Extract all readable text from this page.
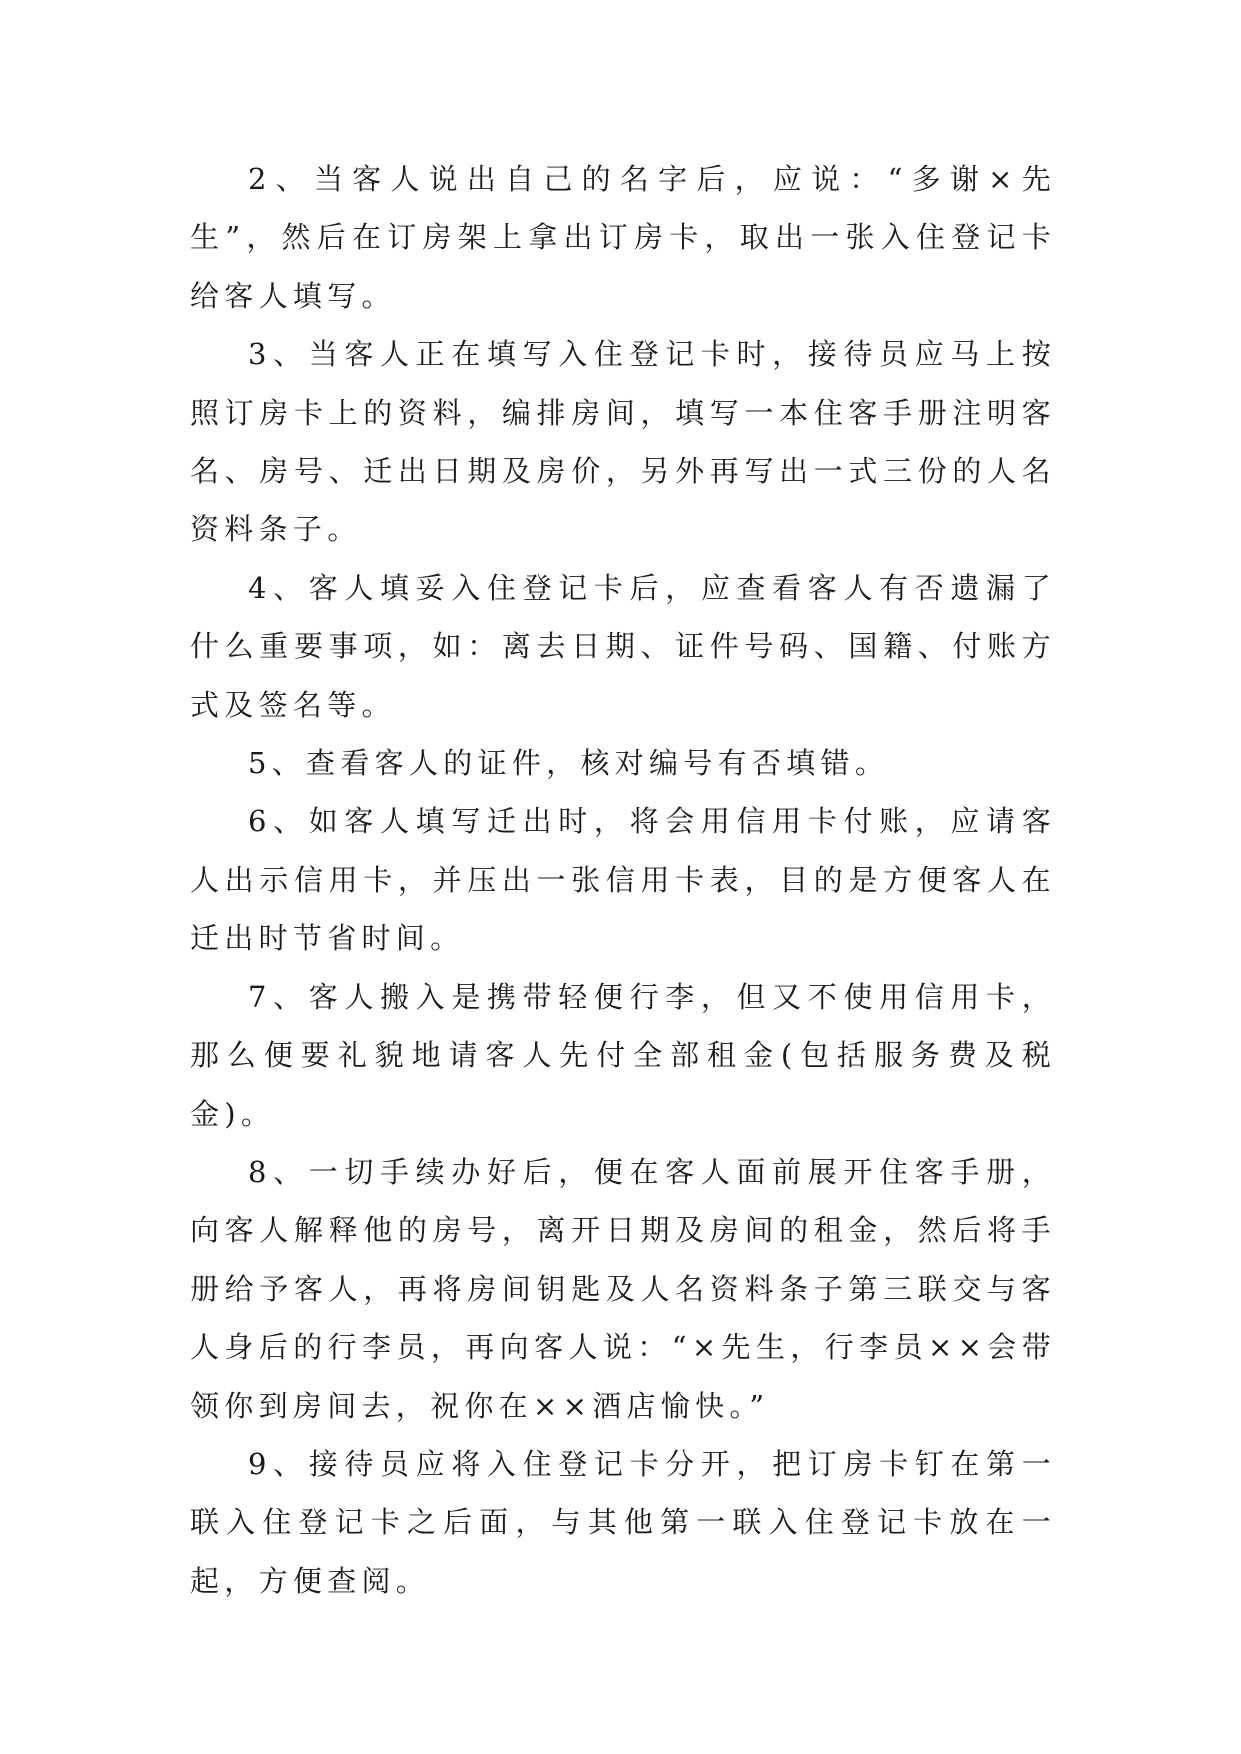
2、当客人说出自己的名字后，应说：“多谢×先生”，然后在订房架上拿出订房卡，取出一张入住登记卡给客人填写。

3、当客人正在填写入住登记卡时，接待员应马上按照订房卡上的资料，编排房间，填写一本住客手册注明客名、房号、迁出日期及房价，另外再写出一式三份的人名资料条子。

4、客人填妥入住登记卡后，应查看客人有否遗漏了什么重要事项，如：离去日期、证件号码、国籍、付账方式及签名等。

5、查看客人的证件，核对编号有否填错。

6、如客人填写迁出时，将会用信用卡付账，应请客人出示信用卡，并压出一张信用卡表，目的是方便客人在迁出时节省时间。

7、客人搬入是携带轻便行李，但又不使用信用卡，那么便要礼貌地请客人先付全部租金(包括服务费及税金)。

8、一切手续办好后，便在客人面前展开住客手册，向客人解释他的房号，离开日期及房间的租金，然后将手册给予客人，再将房间钥匙及人名资料条子第三联交与客人身后的行李员，再向客人说：“×先生，行李员××会带领你到房间去，祝你在××酒店愉快。”

9、接待员应将入住登记卡分开，把订房卡钉在第一联入住登记卡之后面，与其他第一联入住登记卡放在一起，方便查阅。
